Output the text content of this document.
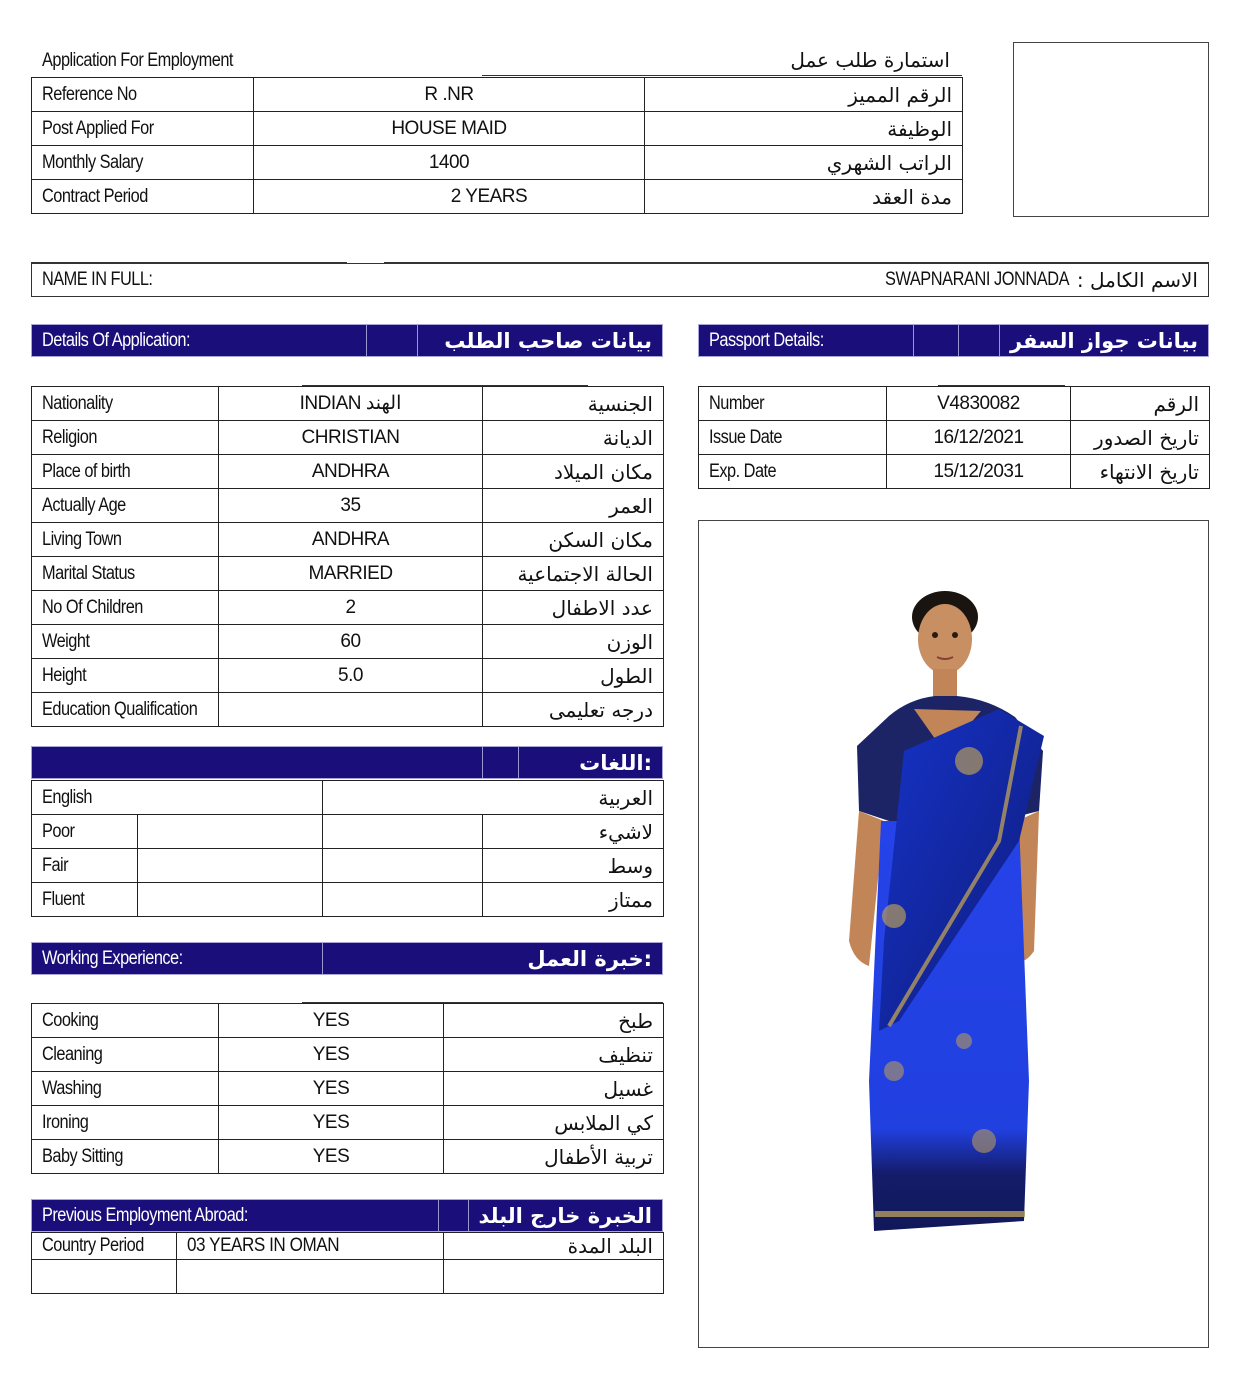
Application For Employment	استمارة طلب عمل
Reference No	R .NR	الرقم المميز
Post Applied For	HOUSE MAID	الوظيفة
Monthly Salary	1400	الراتب الشهري
Contract Period	2 YEARS	مدة العقد
NAME IN FULL:	SWAPNARANI JONNADA الاسم الكامل :
Details Of Application:	بيانات صاحب الطلب	Passport Details:	بيانات جواز السفر
Nationality	INDIAN الهند	الجنسية
Religion	CHRISTIAN	الديانة
Place of birth	ANDHRA	مكان الميلاد
Actually Age	35	العمر
Living Town	ANDHRA	مكان السكن
Marital Status	MARRIED	الحالة الاجتماعية
No Of Children	2	عدد الاطفال
Weight	60	الوزن
Height	5.0	الطول
Education Qualification		درجه تعليمى
Number	V4830082	الرقم
Issue Date	16/12/2021	تاريخ الصدور
Exp. Date	15/12/2031	تاريخ الانتهاء
:اللغات
English		العربية	
Poor			لاشيء
Fair			وسط
Fluent			ممتاز
Working Experience:	:خبرة العمل
Cooking	YES	طبخ
Cleaning	YES	تنظيف
Washing	YES	غسيل
Ironing	YES	كي الملابس
Baby Sitting	YES	تربية الأطفال
Previous Employment Abroad:	الخبرة خارج البلد
Country Period	03 YEARS IN OMAN	البلد المدة
